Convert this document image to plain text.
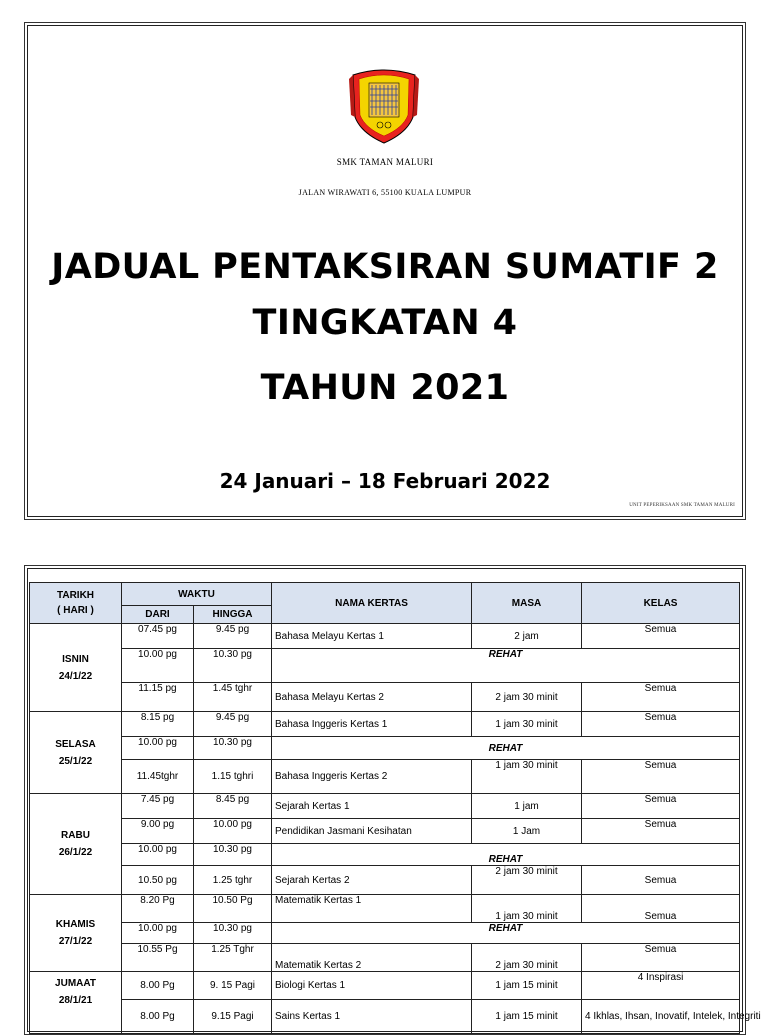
SMK TAMAN MALURI
JALAN WIRAWATI 6, 55100 KUALA LUMPUR
JADUAL PENTAKSIRAN SUMATIF 2
TINGKATAN 4
TAHUN 2021
24 Januari – 18 Februari 2022
UNIT PEPERIKSAAN SMK TAMAN MALURI
TARIKH
( HARI )	WAKTU		NAMA KERTAS	MASA	KELAS
	DARI	HINGGA			

ISNIN
24/1/22	07.45 pg	9.45 pg	Bahasa Melayu Kertas 1	2 jam	Semua
	10.00 pg	10.30 pg	REHAT		
	11.15 pg	1.45 tghr	Bahasa Melayu Kertas 2	2 jam 30 minit	Semua

SELASA
25/1/22	8.15 pg	9.45 pg	Bahasa Inggeris Kertas 1	1 jam 30 minit	Semua
	10.00 pg	10.30 pg	REHAT		
	11.45tghr	1.15 tghri	Bahasa Inggeris Kertas 2	1 jam 30 minit	Semua

RABU
26/1/22	7.45 pg	8.45 pg	Sejarah Kertas 1	1 jam	Semua
	9.00 pg	10.00 pg	Pendidikan Jasmani Kesihatan	1 Jam	Semua
	10.00 pg	10.30 pg	REHAT		
	10.50 pg	1.25 tghr	Sejarah Kertas 2	2 jam 30 minit	Semua

KHAMIS
27/1/22	8.20 Pg	10.50 Pg	Matematik Kertas 1	1 jam 30 minit	Semua
	10.00 pg	10.30 pg	REHAT		
	10.55 Pg	1.25 Tghr	Matematik Kertas 2	2 jam 30 minit	Semua

JUMAAT
28/1/21	8.00 Pg	9. 15 Pagi	Biologi Kertas 1	1 jam 15 minit	4 Inspirasi
	8.00 Pg	9.15 Pagi	Sains Kertas 1	1 jam 15 minit	4 Ikhlas, Ihsan, Inovatif, Intelek, Integriti
